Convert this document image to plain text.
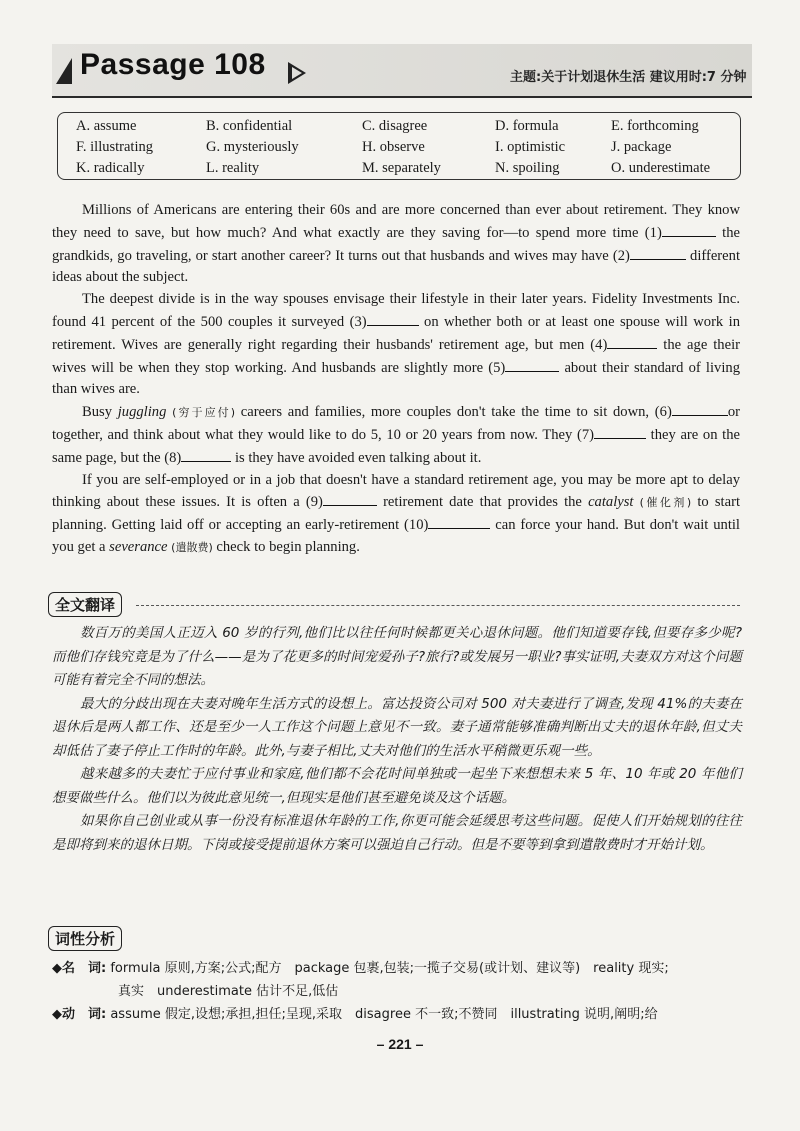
Passage 108	主题:关于计划退休生活 建议用时:7 分钟
A. assume	B. confidential	C. disagree	D. formula	E. forthcoming
F. illustrating	G. mysteriously	H. observe	I. optimistic	J. package
K. radically	L. reality	M. separately	N. spoiling	O. underestimate

Millions of Americans are entering their 60s and are more concerned than ever about retirement. They know they need to save, but how much? And what exactly are they saving for—to spend more time (1)	the grandkids, go traveling, or start another career? It turns out that husbands and wives may have (2)	different ideas about the subject.

The deepest divide is in the way spouses envisage their lifestyle in their later years. Fidelity Investments Inc. found 41 percent of the 500 couples it surveyed (3)	on whether both or at least one spouse will work in retirement. Wives are generally right regarding their husbands' retirement age, but men (4)	the age their wives will be when they stop working. And husbands are slightly more (5)	about their standard of living than wives are.

Busy juggling (穷于应付) careers and families, more couples don't take the time to sit down, (6)	or together, and think about what they would like to do 5, 10 or 20 years from now. They (7)	they are on the same page, but the (8)	is they have avoided even talking about it.

If you are self-employed or in a job that doesn't have a standard retirement age, you may be more apt to delay thinking about these issues. It is often a (9)	retirement date that provides the catalyst (催化剂) to start planning. Getting laid off or accepting an early-retirement (10)	can force your hand. But don't wait until you get a severance (遣散费) check to begin planning.

全文翻译

数百万的美国人正迈入 60 岁的行列,他们比以往任何时候都更关心退休问题。他们知道要存钱,但要存多少呢?而他们存钱究竟是为了什么——是为了花更多的时间宠爱孙子?旅行?或发展另一职业?事实证明,夫妻双方对这个问题可能有着完全不同的想法。

最大的分歧出现在夫妻对晚年生活方式的设想上。富达投资公司对 500 对夫妻进行了调查,发现 41%的夫妻在退休后是两人都工作、还是至少一人工作这个问题上意见不一致。妻子通常能够准确判断出丈夫的退休年龄,但丈夫却低估了妻子停止工作时的年龄。此外,与妻子相比,丈夫对他们的生活水平稍微更乐观一些。

越来越多的夫妻忙于应付事业和家庭,他们都不会花时间单独或一起坐下来想想未来 5 年、10 年或 20 年他们想要做些什么。他们以为彼此意见统一,但现实是他们甚至避免谈及这个话题。

如果你自己创业或从事一份没有标准退休年龄的工作,你更可能会延缓思考这些问题。促使人们开始规划的往往是即将到来的退休日期。下岗或接受提前退休方案可以强迫自己行动。但是不要等到拿到遣散费时才开始计划。

词性分析

◆名　词: formula 原则,方案;公式;配方　package 包裹,包装;一揽子交易(或计划、建议等)　reality 现实;

真实　underestimate 估计不足,低估

◆动　词: assume 假定,设想;承担,担任;呈现,采取　disagree 不一致;不赞同　illustrating 说明,阐明;给

– 221 –
